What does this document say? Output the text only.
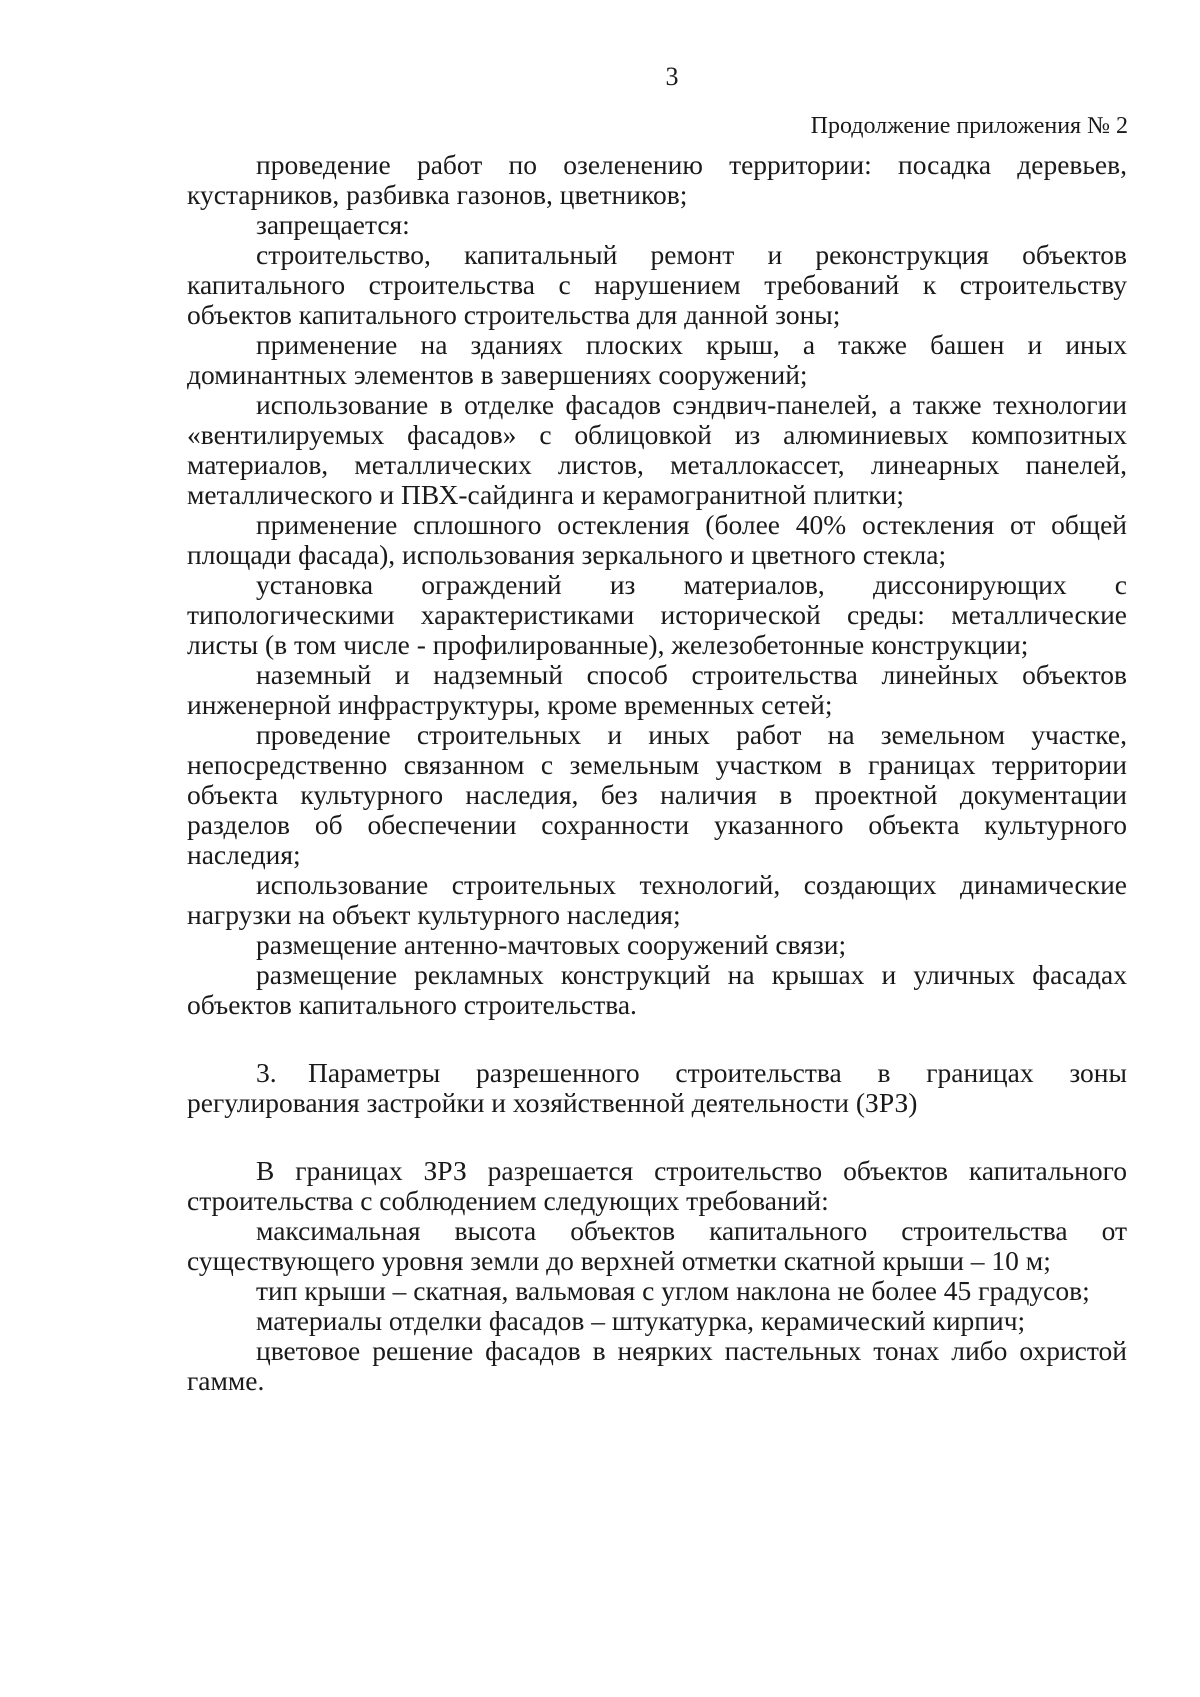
3
Продолжение приложения № 2

проведение работ по озеленению территории: посадка деревьев, кустарников, разбивка газонов, цветников;

запрещается:

строительство, капитальный ремонт и реконструкция объектов капитального строительства с нарушением требований к строительству объектов капитального строительства для данной зоны;

применение на зданиях плоских крыш, а также башен и иных доминантных элементов в завершениях сооружений;

использование в отделке фасадов сэндвич-панелей, а также технологии «вентилируемых фасадов» с облицовкой из алюминиевых композитных материалов, металлических листов, металлокассет, линеарных панелей, металлического и ПВХ-сайдинга и керамогранитной плитки;

применение сплошного остекления (более 40% остекления от общей площади фасада), использования зеркального и цветного стекла;

установка ограждений из материалов, диссонирующих с типологическими характеристиками исторической среды: металлические листы (в том числе - профилированные), железобетонные конструкции;

наземный и надземный способ строительства линейных объектов инженерной инфраструктуры, кроме временных сетей;

проведение строительных и иных работ на земельном участке, непосредственно связанном с земельным участком в границах территории объекта культурного наследия, без наличия в проектной документации разделов об обеспечении сохранности указанного объекта культурного наследия;

использование строительных технологий, создающих динамические нагрузки на объект культурного наследия;

размещение антенно-мачтовых сооружений связи;

размещение рекламных конструкций на крышах и уличных фасадах объектов капитального строительства.

3. Параметры разрешенного строительства в границах зоны регулирования застройки и хозяйственной деятельности (ЗРЗ)

В границах ЗРЗ разрешается строительство объектов капитального строительства с соблюдением следующих требований:

максимальная высота объектов капитального строительства от существующего уровня земли до верхней отметки скатной крыши – 10 м;

тип крыши – скатная, вальмовая с углом наклона не более 45 градусов;

материалы отделки фасадов – штукатурка, керамический кирпич;

цветовое решение фасадов в неярких пастельных тонах либо охристой гамме.
